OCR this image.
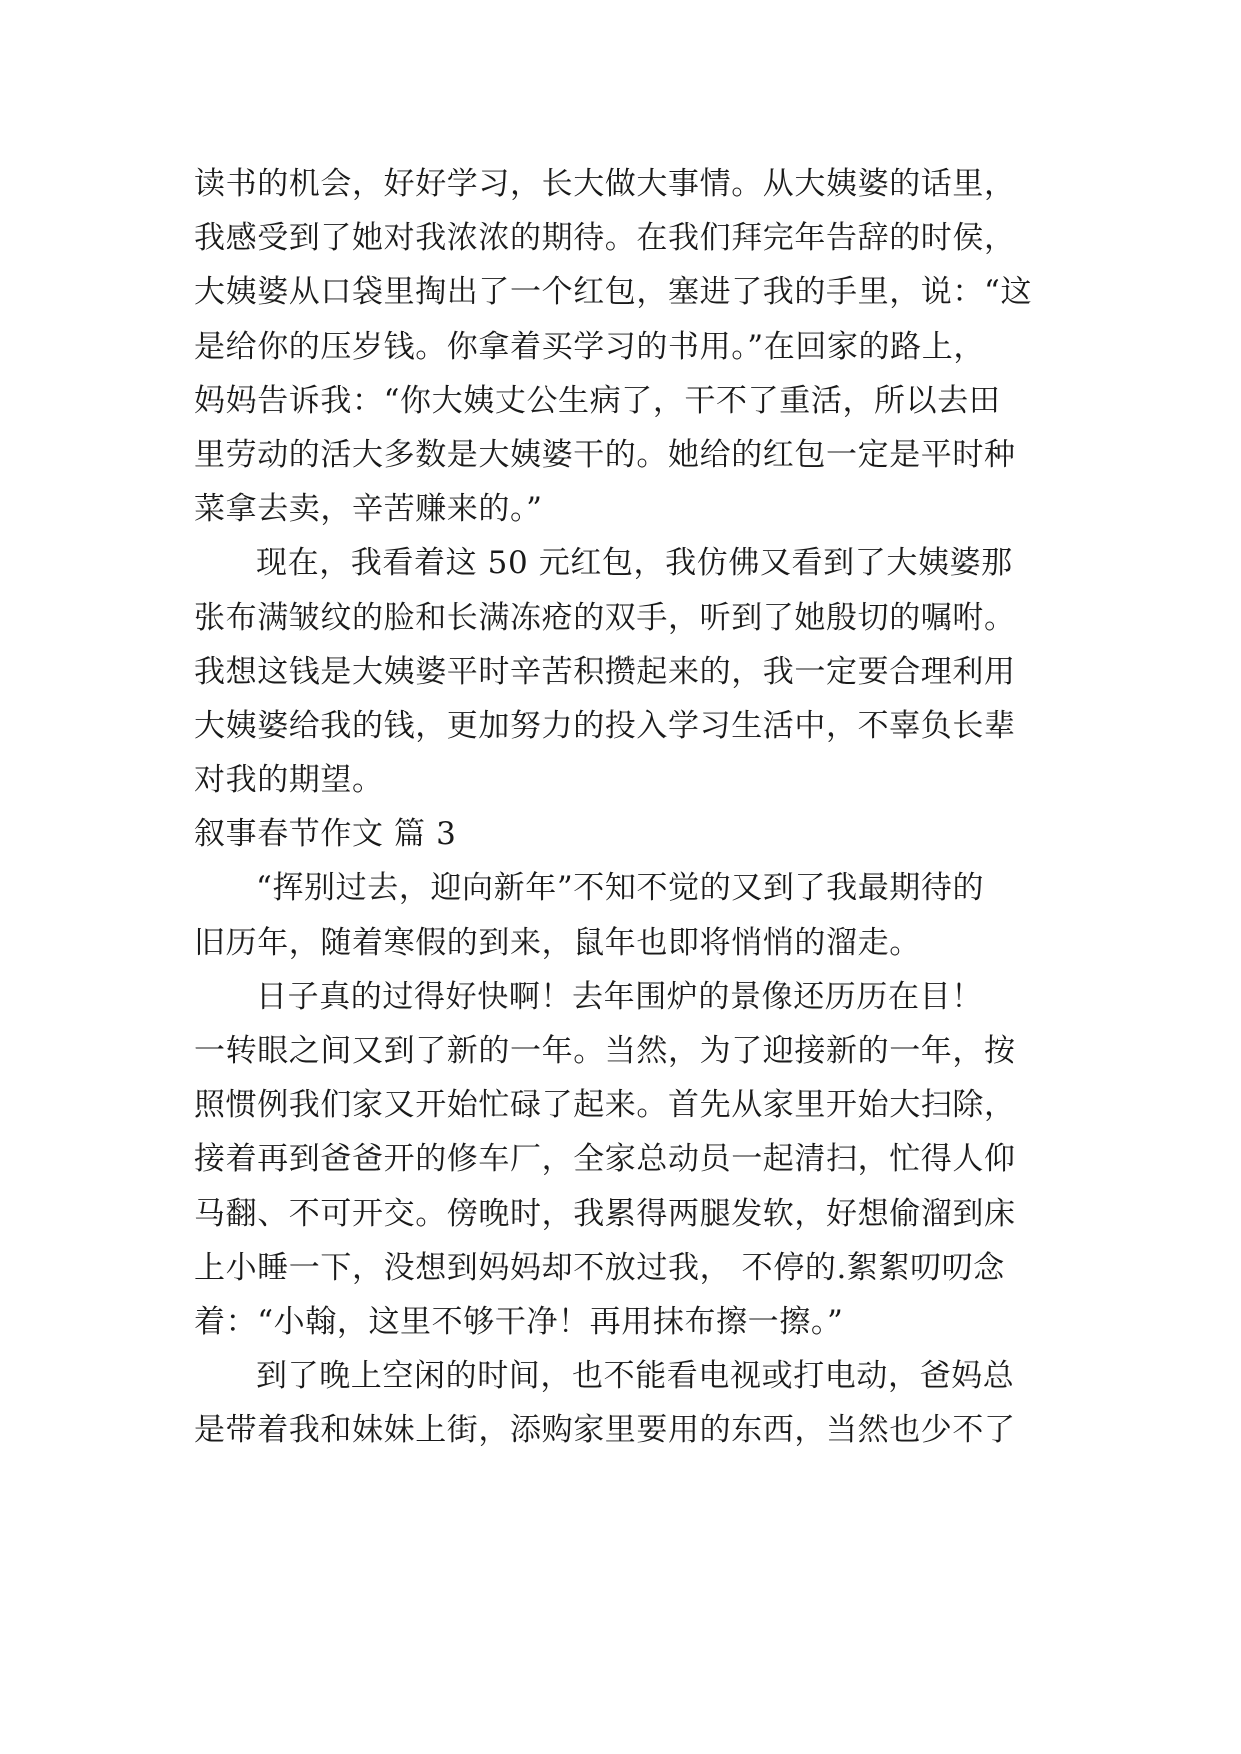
读书的机会，好好学习，长大做大事情。从大姨婆的话里，
我感受到了她对我浓浓的期待。在我们拜完年告辞的时侯，
大姨婆从口袋里掏出了一个红包，塞进了我的手里，说：“这
是给你的压岁钱。你拿着买学习的书用。”在回家的路上，
妈妈告诉我：“你大姨丈公生病了，干不了重活，所以去田
里劳动的活大多数是大姨婆干的。她给的红包一定是平时种
菜拿去卖，辛苦赚来的。”
现在，我看着这 50 元红包，我仿佛又看到了大姨婆那
张布满皱纹的脸和长满冻疮的双手，听到了她殷切的嘱咐。
我想这钱是大姨婆平时辛苦积攒起来的，我一定要合理利用
大姨婆给我的钱，更加努力的投入学习生活中，不辜负长辈
对我的期望。
叙事春节作文 篇 3
“挥别过去，迎向新年”不知不觉的又到了我最期待的
旧历年，随着寒假的到来，鼠年也即将悄悄的溜走。
日子真的过得好快啊！去年围炉的景像还历历在目！
一转眼之间又到了新的一年。当然，为了迎接新的一年，按
照惯例我们家又开始忙碌了起来。首先从家里开始大扫除，
接着再到爸爸开的修车厂，全家总动员一起清扫，忙得人仰
马翻、不可开交。傍晚时，我累得两腿发软，好想偷溜到床
上小睡一下，没想到妈妈却不放过我， 不停的.絮絮叨叨念
着：“小翰，这里不够干净！再用抹布擦一擦。”
到了晚上空闲的时间，也不能看电视或打电动，爸妈总
是带着我和妹妹上街，添购家里要用的东西，当然也少不了
